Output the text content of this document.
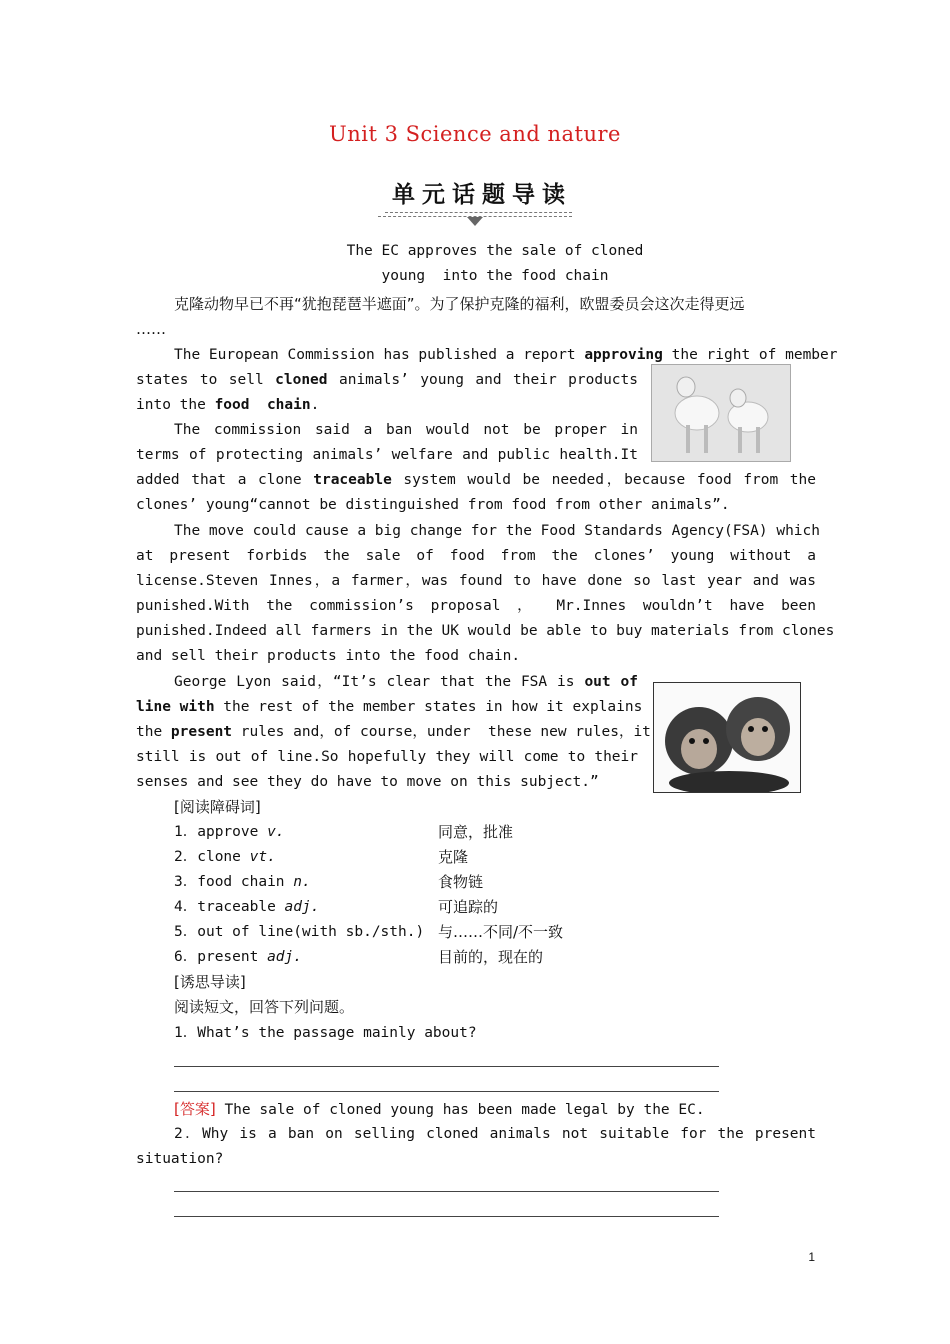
Unit 3 Science and nature
单元话题导读
The EC approves the sale of cloned
young  into the food chain
克隆动物早已不再“犹抱琵琶半遮面”。为了保护克隆的福利，欧盟委员会这次走得更远
……
The European Commission has published a report approving the right of member
states to sell cloned animals’ young and their products
into the food  chain.
The commission said a ban would not be proper in
terms of protecting animals’ welfare and public health.It
added that a clone traceable system would be needed，because food from the
clones’ young“cannot be distinguished from food from other animals”.
The move could cause a big change for the Food Standards Agency(FSA) which
at present forbids the sale of food from the clones’ young without a
license.Steven Innes，a farmer，was found to have done so last year and was
punished.With the commission’s proposal ， Mr.Innes wouldn’t have been
punished.Indeed all farmers in the UK would be able to buy materials from clones
and sell their products into the food chain.
George Lyon said，“It’s clear that the FSA is out of
line with the rest of the member states in how it explains
the present rules and，of course，under  these new rules，it
still is out of line.So hopefully they will come to their
senses and see they do have to move on this subject.”
[阅读障碍词]
1．approve v.	同意，批准
2．clone vt.	克隆
3．food chain n.	食物链
4．traceable adj.	可追踪的
5．out of line(with sb./sth.) 与……不同/不一致
6．present adj.	目前的，现在的
[诱思导读]
阅读短文，回答下列问题。
1．What’s the passage mainly about?
[答案] The sale of cloned young has been made legal by the EC.
2．Why is a ban on selling cloned animals not suitable for the present
situation?
1
